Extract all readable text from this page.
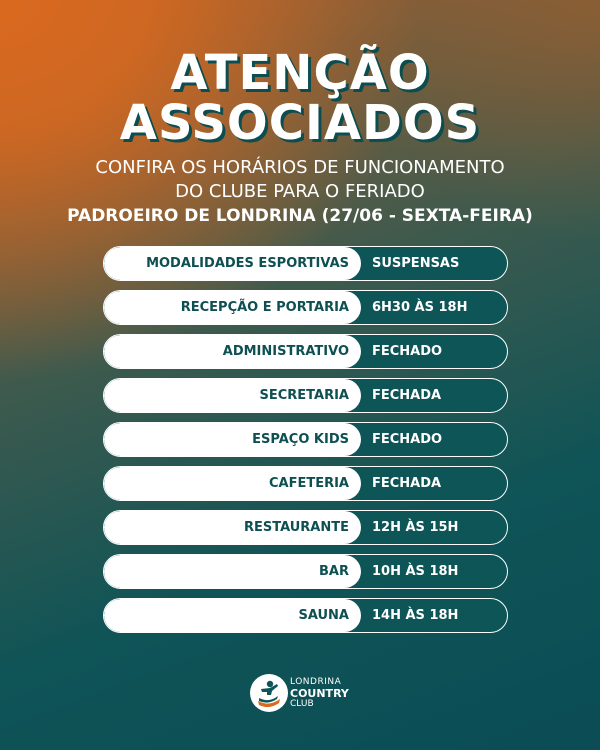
ATENÇÃO
ASSOCIADOS
CONFIRA OS HORÁRIOS DE FUNCIONAMENTO
DO CLUBE PARA O FERIADO
PADROEIRO DE LONDRINA (27/06 - SEXTA-FEIRA)
MODALIDADES ESPORTIVAS	SUSPENSAS
RECEPÇÃO E PORTARIA	6H30 ÀS 18H
ADMINISTRATIVO	FECHADO
SECRETARIA	FECHADA
ESPAÇO KIDS	FECHADO
CAFETERIA	FECHADA
RESTAURANTE	12H ÀS 15H
BAR	10H ÀS 18H
SAUNA	14H ÀS 18H
LONDRINA
COUNTRY
CLUB
